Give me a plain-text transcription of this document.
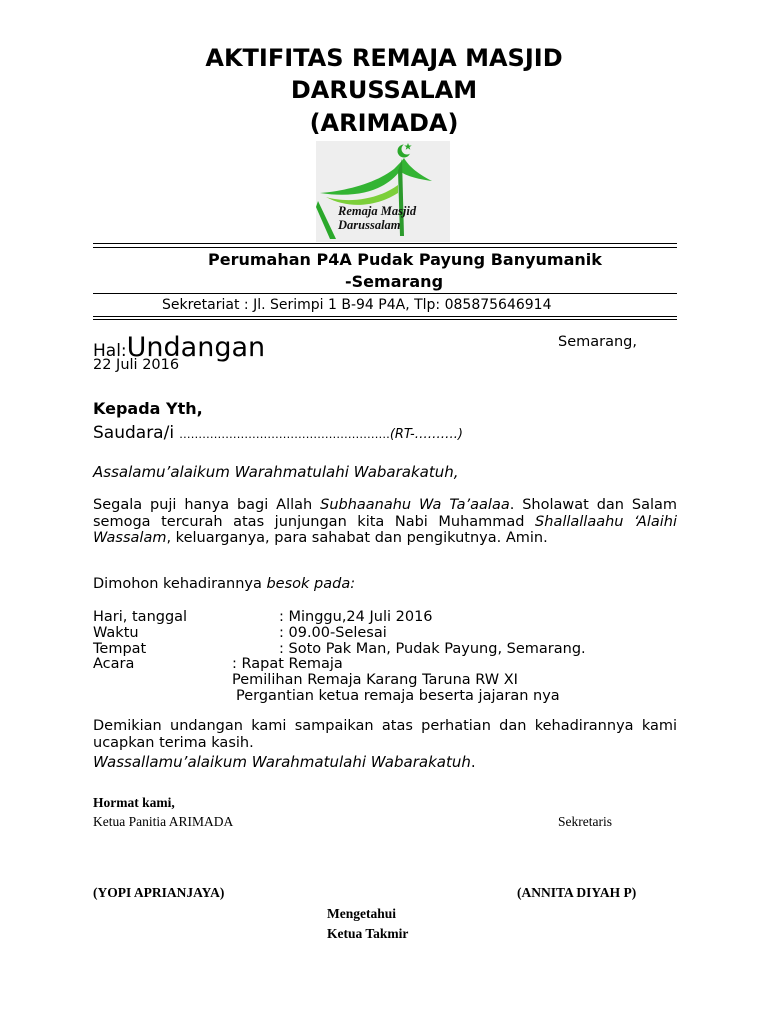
AKTIFITAS REMAJA MASJID
DARUSSALAM
(ARIMADA)
Remaja Masjid
Darussalam
Perumahan P4A Pudak Payung Banyumanik
-Semarang
Sekretariat : Jl. Serimpi 1 B-94 P4A, Tlp: 085875646914
Hal:Undangan	Semarang,
22 Juli 2016
Kepada Yth,
Saudara/i ……………………………………………….(RT-……….)
Assalamu’alaikum Warahmatulahi Wabarakatuh,
Segala puji hanya bagi Allah Subhaanahu Wa Ta’aalaa. Sholawat dan Salam semoga tercurah atas junjungan kita Nabi Muhammad Shallallaahu ‘Alaihi Wassalam, keluarganya, para sahabat dan pengikutnya. Amin.
Dimohon kehadirannya besok pada:
Hari, tanggal	: Minggu,24 Juli 2016
Waktu	: 09.00-Selesai
Tempat	: Soto Pak Man, Pudak Payung, Semarang.
Acara	: Rapat Remaja
Pemilihan Remaja Karang Taruna RW XI
Pergantian ketua remaja beserta jajaran nya
Demikian undangan kami sampaikan atas perhatian dan kehadirannya kami ucapkan terima kasih.
Wassallamu’alaikum Warahmatulahi Wabarakatuh.
Hormat kami,
Ketua Panitia ARIMADA	Sekretaris
(YOPI APRIANJAYA)	(ANNITA DIYAH P)
Mengetahui
Ketua Takmir
